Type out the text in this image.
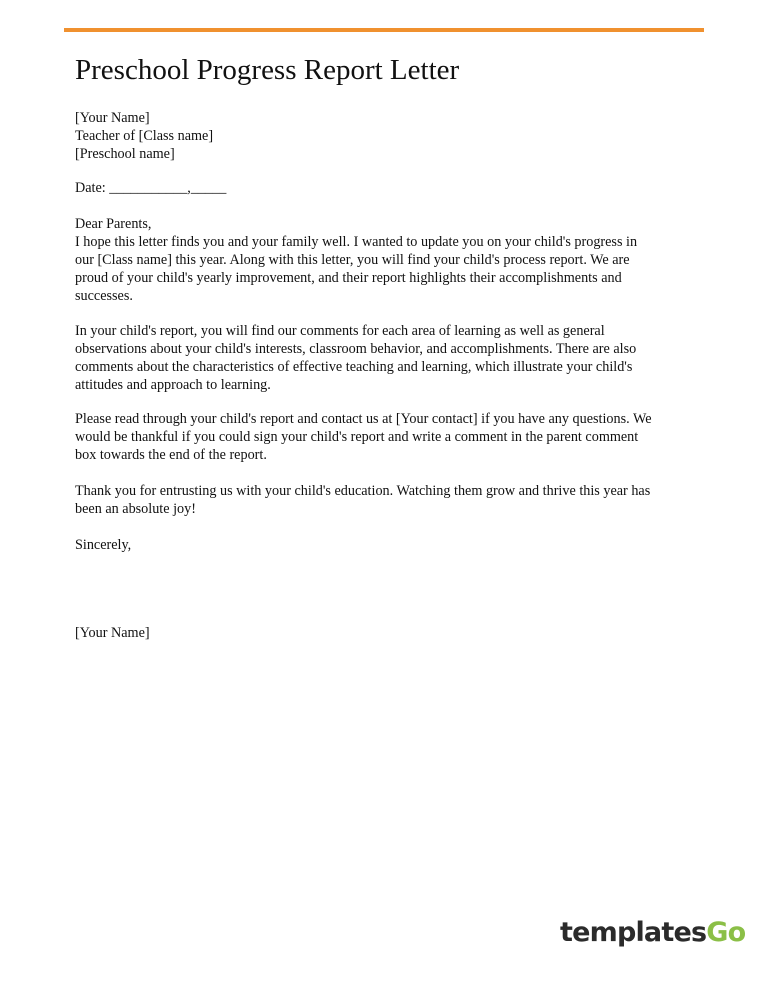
Preschool Progress Report Letter
[Your Name]
Teacher of [Class name]
[Preschool name]
Date: ___________,_____
Dear Parents,
I hope this letter finds you and your family well. I wanted to update you on your child's progress in
our [Class name] this year. Along with this letter, you will find your child's process report. We are
proud of your child's yearly improvement, and their report highlights their accomplishments and
successes.
In your child's report, you will find our comments for each area of learning as well as general
observations about your child's interests, classroom behavior, and accomplishments. There are also
comments about the characteristics of effective teaching and learning, which illustrate your child's
attitudes and approach to learning.
Please read through your child's report and contact us at [Your contact] if you have any questions. We
would be thankful if you could sign your child's report and write a comment in the parent comment
box towards the end of the report.
Thank you for entrusting us with your child's education. Watching them grow and thrive this year has
been an absolute joy!
Sincerely,
[Your Name]
templatesGo
